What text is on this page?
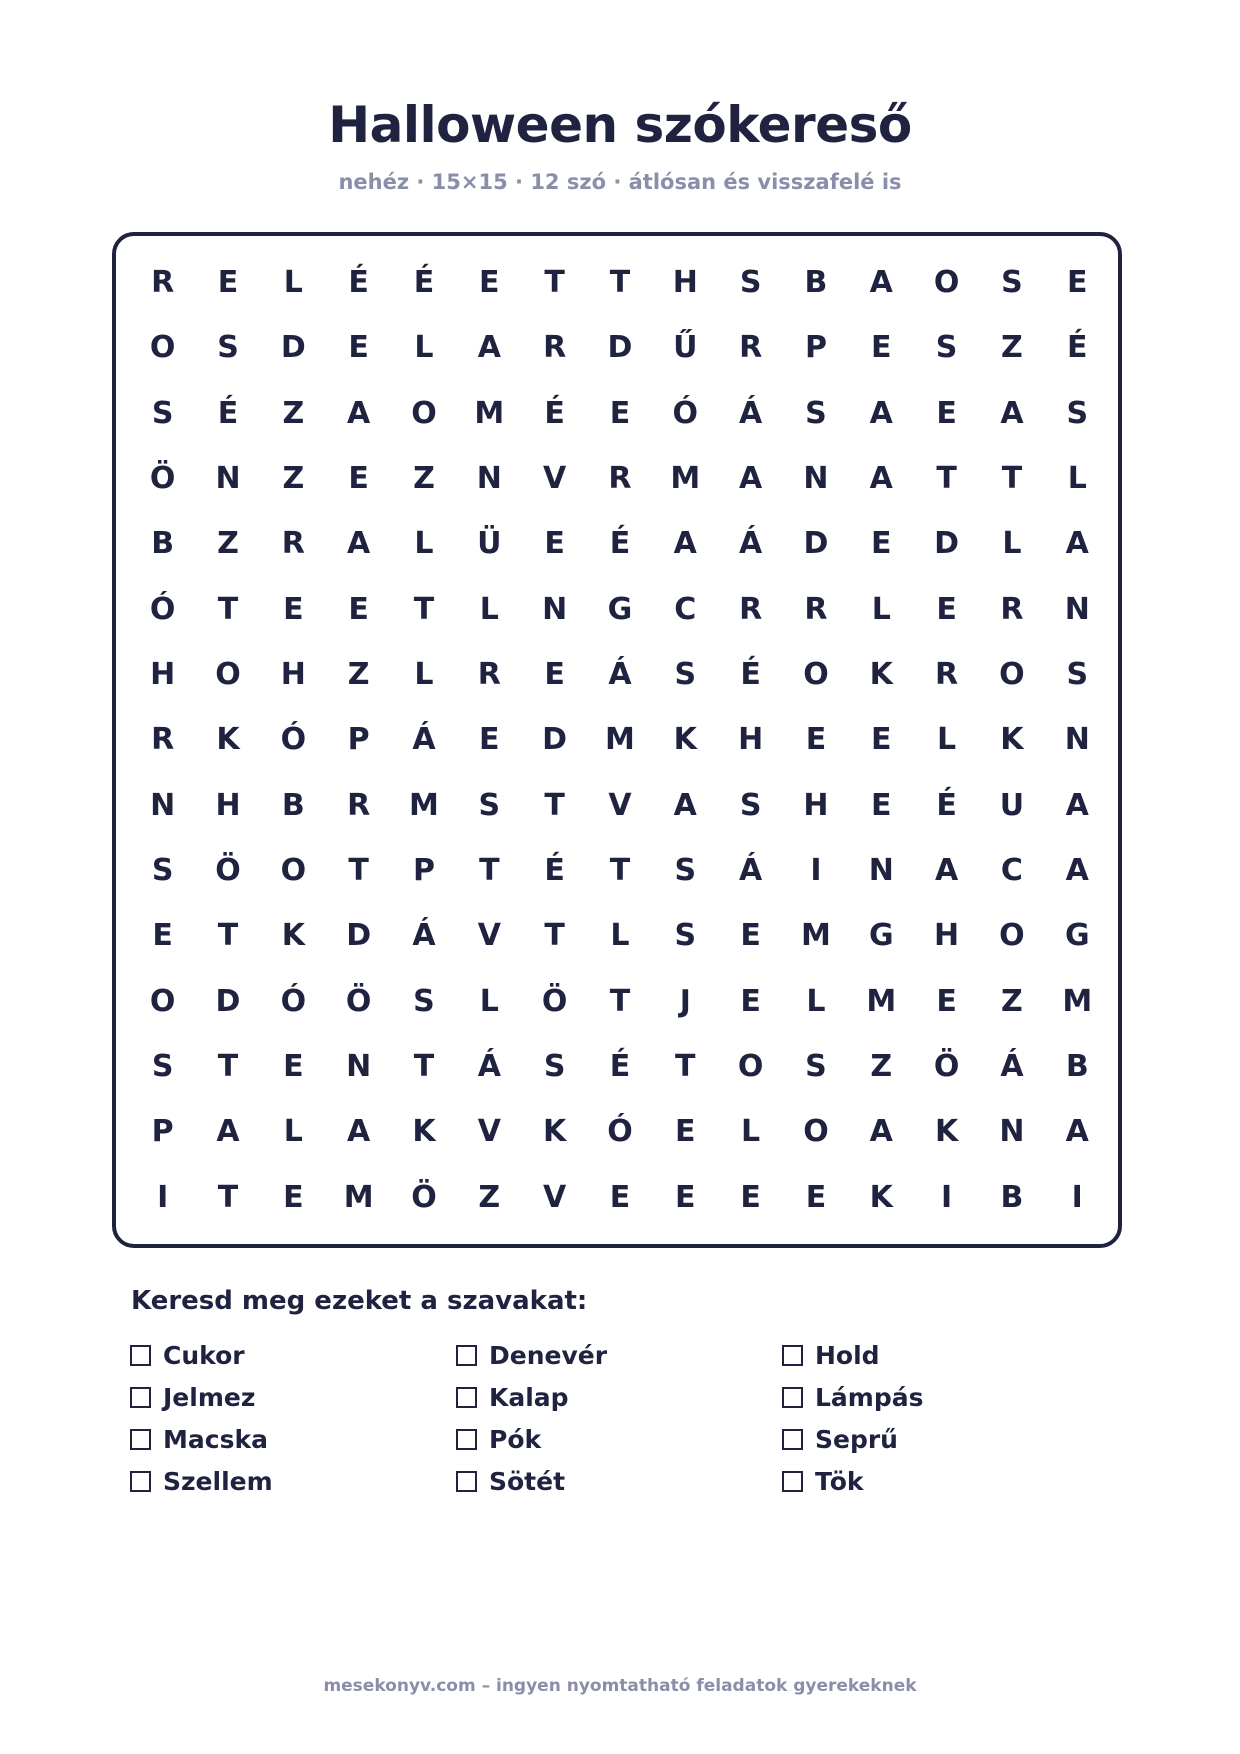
Halloween szókereső
nehéz · 15×15 · 12 szó · átlósan és visszafelé is
R	E	L	É	É	E	T	T	H	S	B	A	O	S	E
O	S	D	E	L	A	R	D	Ű	R	P	E	S	Z	É
S	É	Z	A	O	M	É	E	Ó	Á	S	A	E	A	S
Ö	N	Z	E	Z	N	V	R	M	A	N	A	T	T	L
B	Z	R	A	L	Ü	E	É	A	Á	D	E	D	L	A
Ó	T	E	E	T	L	N	G	C	R	R	L	E	R	N
H	O	H	Z	L	R	E	Á	S	É	O	K	R	O	S
R	K	Ó	P	Á	E	D	M	K	H	E	E	L	K	N
N	H	B	R	M	S	T	V	A	S	H	E	É	U	A
S	Ö	O	T	P	T	É	T	S	Á	I	N	A	C	A
E	T	K	D	Á	V	T	L	S	E	M	G	H	O	G
O	D	Ó	Ö	S	L	Ö	T	J	E	L	M	E	Z	M
S	T	E	N	T	Á	S	É	T	O	S	Z	Ö	Á	B
P	A	L	A	K	V	K	Ó	E	L	O	A	K	N	A
I	T	E	M	Ö	Z	V	E	E	E	E	K	I	B	I
Keresd meg ezeket a szavakat:
Cukor	Denevér	Hold
Jelmez	Kalap	Lámpás
Macska	Pók	Seprű
Szellem	Sötét	Tök
mesekonyv.com – ingyen nyomtatható feladatok gyerekeknek
